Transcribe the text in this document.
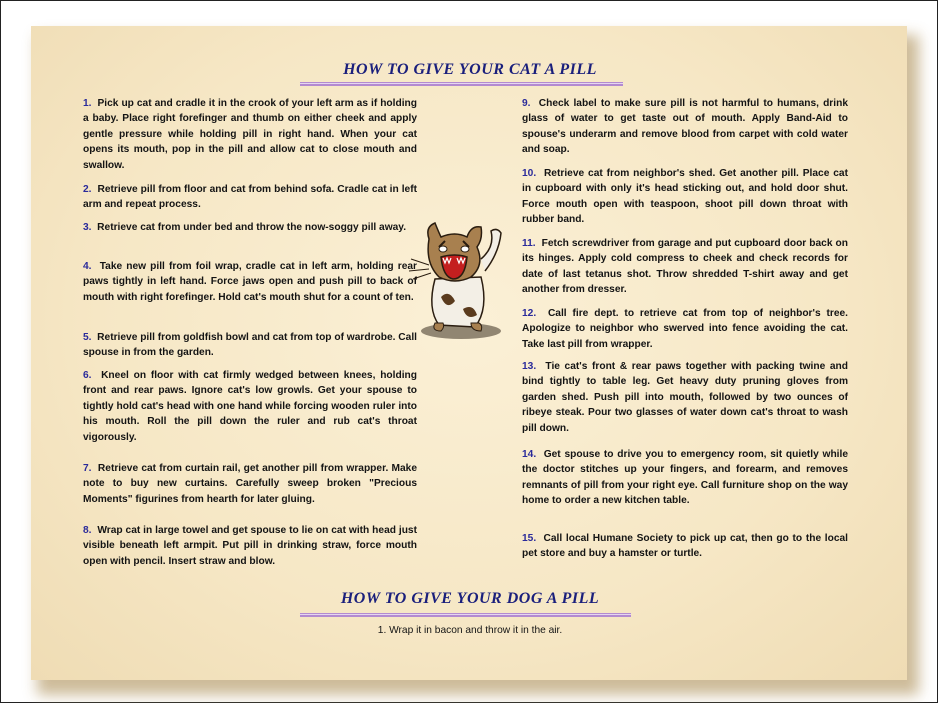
HOW TO GIVE YOUR CAT A PILL
1. Pick up cat and cradle it in the crook of your left arm as if holding a baby. Place right forefinger and thumb on either cheek and apply gentle pressure while holding pill in right hand. When your cat opens its mouth, pop in the pill and allow cat to close mouth and swallow.
2. Retrieve pill from floor and cat from behind sofa. Cradle cat in left arm and repeat process.
3. Retrieve cat from under bed and throw the now-soggy pill away.
4. Take new pill from foil wrap, cradle cat in left arm, holding rear paws tightly in left hand. Force jaws open and push pill to back of mouth with right forefinger. Hold cat's mouth shut for a count of ten.
5. Retrieve pill from goldfish bowl and cat from top of wardrobe. Call spouse in from the garden.
6. Kneel on floor with cat firmly wedged between knees, holding front and rear paws. Ignore cat's low growls. Get your spouse to tightly hold cat's head with one hand while forcing wooden ruler into his mouth. Roll the pill down the ruler and rub cat's throat vigorously.
7. Retrieve cat from curtain rail, get another pill from wrapper. Make note to buy new curtains. Carefully sweep broken "Precious Moments" figurines from hearth for later gluing.
8. Wrap cat in large towel and get spouse to lie on cat with head just visible beneath left armpit. Put pill in drinking straw, force mouth open with pencil. Insert straw and blow.
9. Check label to make sure pill is not harmful to humans, drink glass of water to get taste out of mouth. Apply Band-Aid to spouse's underarm and remove blood from carpet with cold water and soap.
10. Retrieve cat from neighbor's shed. Get another pill. Place cat in cupboard with only it's head sticking out, and hold door shut. Force mouth open with teaspoon, shoot pill down throat with rubber band.
11. Fetch screwdriver from garage and put cupboard door back on its hinges. Apply cold compress to cheek and check records for date of last tetanus shot. Throw shredded T-shirt away and get another from dresser.
12. Call fire dept. to retrieve cat from top of neighbor's tree. Apologize to neighbor who swerved into fence avoiding the cat. Take last pill from wrapper.
13. Tie cat's front & rear paws together with packing twine and bind tightly to table leg. Get heavy duty pruning gloves from garden shed. Push pill into mouth, followed by two ounces of ribeye steak. Pour two glasses of water down cat's throat to wash pill down.
14. Get spouse to drive you to emergency room, sit quietly while the doctor stitches up your fingers, and forearm, and removes remnants of pill from your right eye. Call furniture shop on the way home to order a new kitchen table.
15. Call local Humane Society to pick up cat, then go to the local pet store and buy a hamster or turtle.
HOW TO GIVE YOUR DOG A PILL
1. Wrap it in bacon and throw it in the air.
